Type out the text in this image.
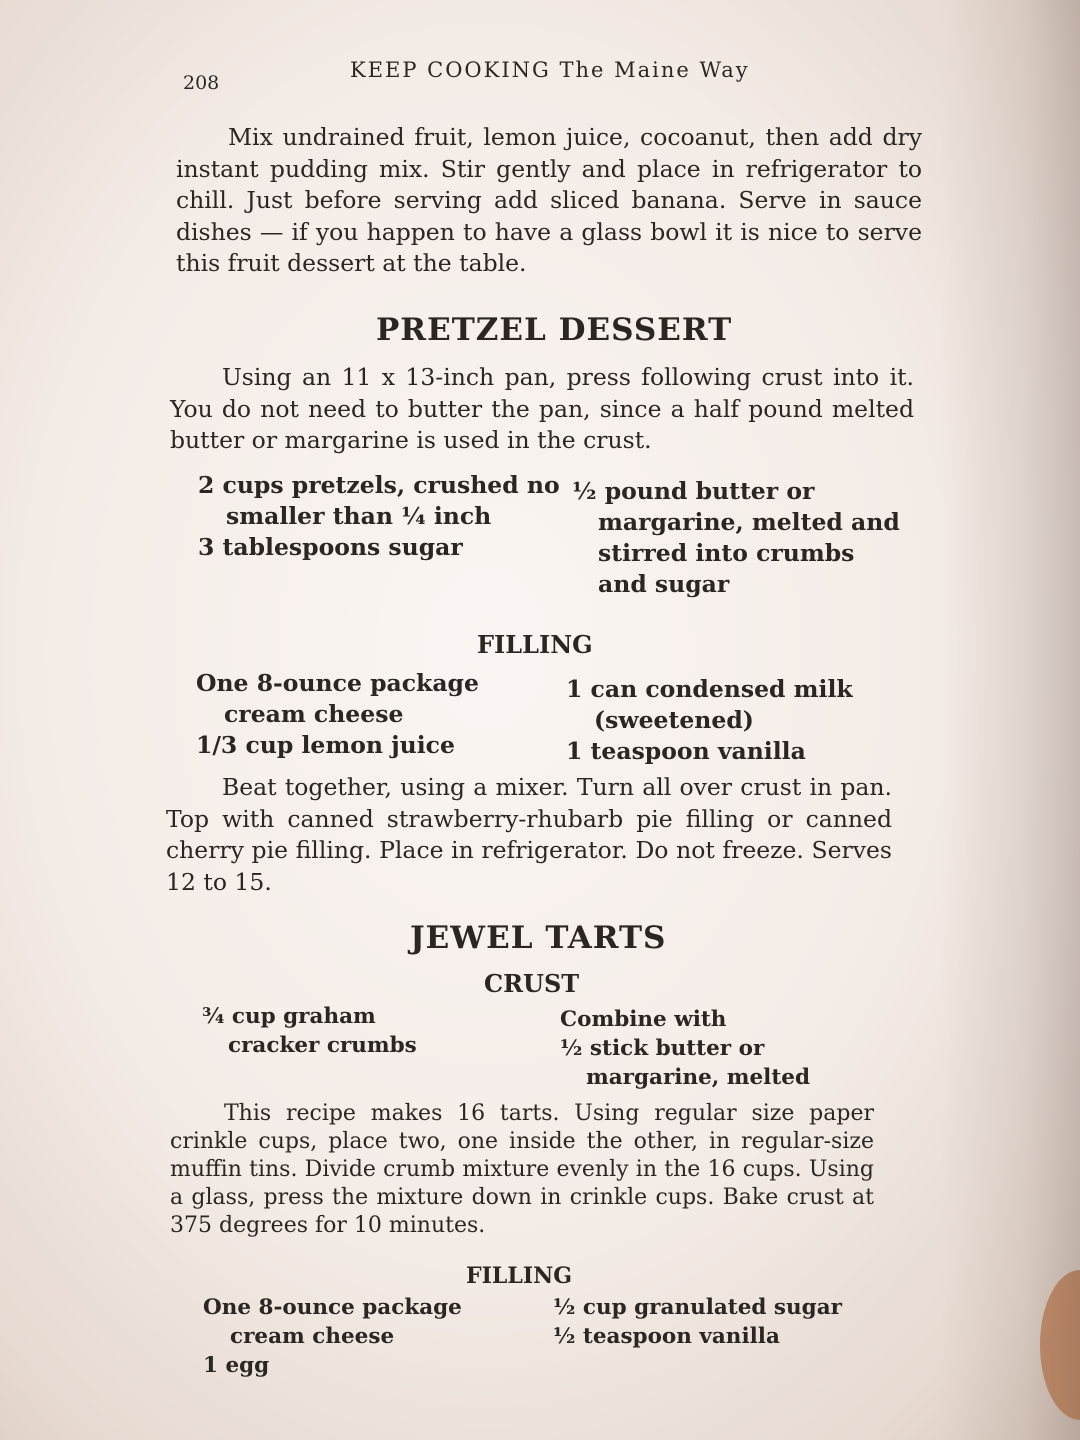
208
KEEP COOKING The Maine Way
Mix undrained fruit, lemon juice, cocoanut, then add dry instant pudding mix. Stir gently and place in refrigerator to chill. Just before serving add sliced banana. Serve in sauce dishes — if you happen to have a glass bowl it is nice to serve this fruit dessert at the table.
PRETZEL DESSERT
Using an 11 x 13-inch pan, press following crust into it. You do not need to butter the pan, since a half pound melted butter or margarine is used in the crust.
2 cups pretzels, crushed no
smaller than ¼ inch
3 tablespoons sugar
½ pound butter or
margarine, melted and
stirred into crumbs
and sugar
FILLING
One 8-ounce package
cream cheese
1/3 cup lemon juice
1 can condensed milk
(sweetened)
1 teaspoon vanilla
Beat together, using a mixer. Turn all over crust in pan. Top with canned strawberry-rhubarb pie filling or canned cherry pie filling. Place in refrigerator. Do not freeze. Serves 12 to 15.
JEWEL TARTS
CRUST
¾ cup graham
cracker crumbs
Combine with
½ stick butter or
margarine, melted
This recipe makes 16 tarts. Using regular size paper crinkle cups, place two, one inside the other, in regular-size muffin tins. Divide crumb mixture evenly in the 16 cups. Using a glass, press the mixture down in crinkle cups. Bake crust at 375 degrees for 10 minutes.
FILLING
One 8-ounce package
cream cheese
1 egg
½ cup granulated sugar
½ teaspoon vanilla
